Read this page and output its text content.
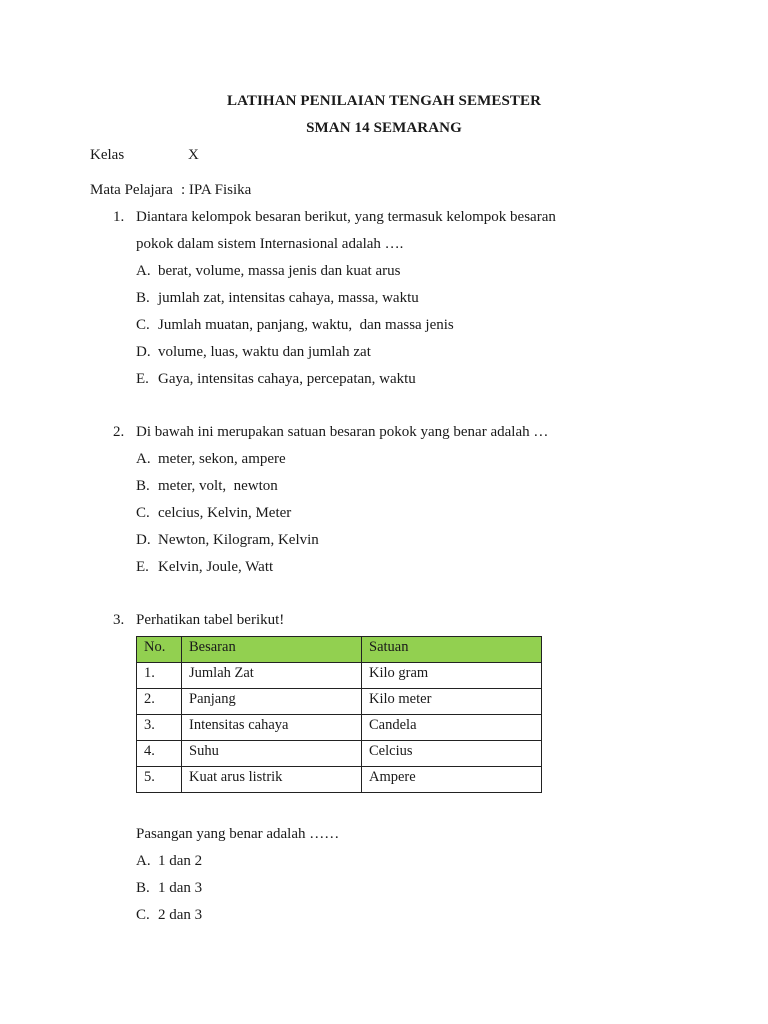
LATIHAN PENILAIAN TENGAH SEMESTER
SMAN 14 SEMARANG
Kelas	X
Mata Pelajara : IPA Fisika
1. Diantara kelompok besaran berikut, yang termasuk kelompok besaran
pokok dalam sistem Internasional adalah ….
A. berat, volume, massa jenis dan kuat arus
B. jumlah zat, intensitas cahaya, massa, waktu
C. Jumlah muatan, panjang, waktu,  dan massa jenis
D. volume, luas, waktu dan jumlah zat
E. Gaya, intensitas cahaya, percepatan, waktu
2. Di bawah ini merupakan satuan besaran pokok yang benar adalah …
A. meter, sekon, ampere
B. meter, volt,  newton
C. celcius, Kelvin, Meter
D. Newton, Kilogram, Kelvin
E. Kelvin, Joule, Watt
3. Perhatikan tabel berikut!
No.	Besaran	Satuan
1.	Jumlah Zat	Kilo gram
2.	Panjang	Kilo meter
3.	Intensitas cahaya	Candela
4.	Suhu	Celcius
5.	Kuat arus listrik	Ampere
Pasangan yang benar adalah ……
A. 1 dan 2
B. 1 dan 3
C. 2 dan 3
